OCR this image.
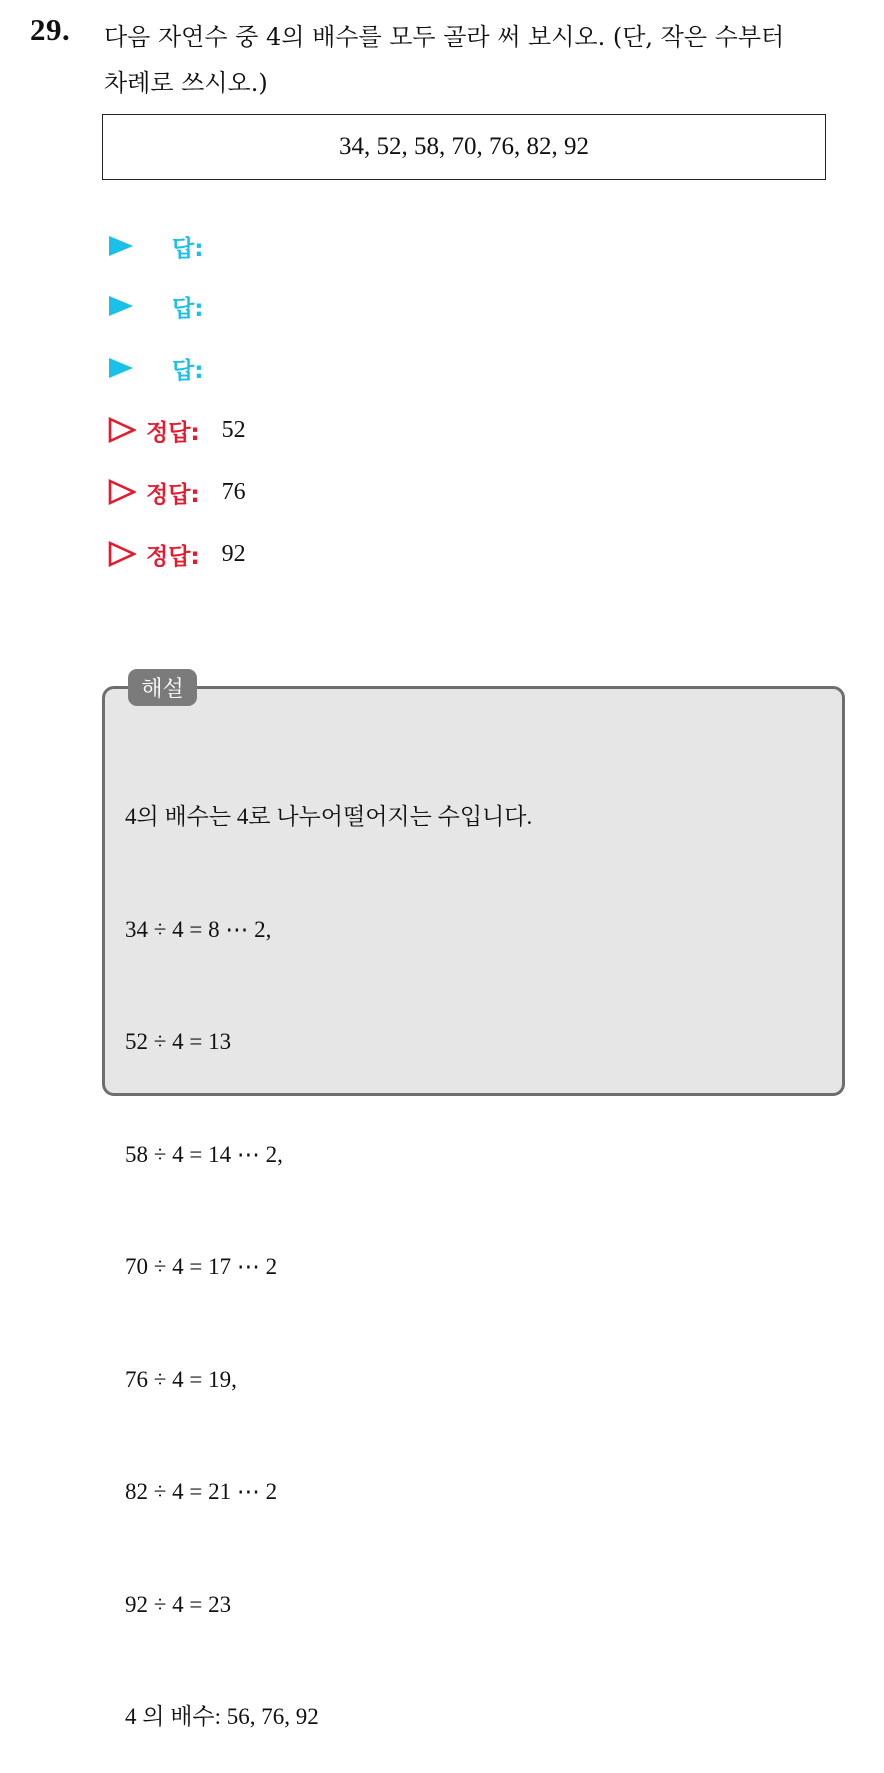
29. 다음 자연수 중 4의 배수를 모두 골라 써 보시오. (단, 작은 수부터
차례로 쓰시오.)
34, 52, 58, 70, 76, 82, 92
답:
답:
답:
정답: 52
정답: 76
정답: 92
해설

4의 배수는 4로 나누어떨어지는 수입니다.

34 ÷ 4 = 8 ⋯ 2,

52 ÷ 4 = 13

58 ÷ 4 = 14 ⋯ 2,

70 ÷ 4 = 17 ⋯ 2

76 ÷ 4 = 19,

82 ÷ 4 = 21 ⋯ 2

92 ÷ 4 = 23

4 의 배수: 56, 76, 92
